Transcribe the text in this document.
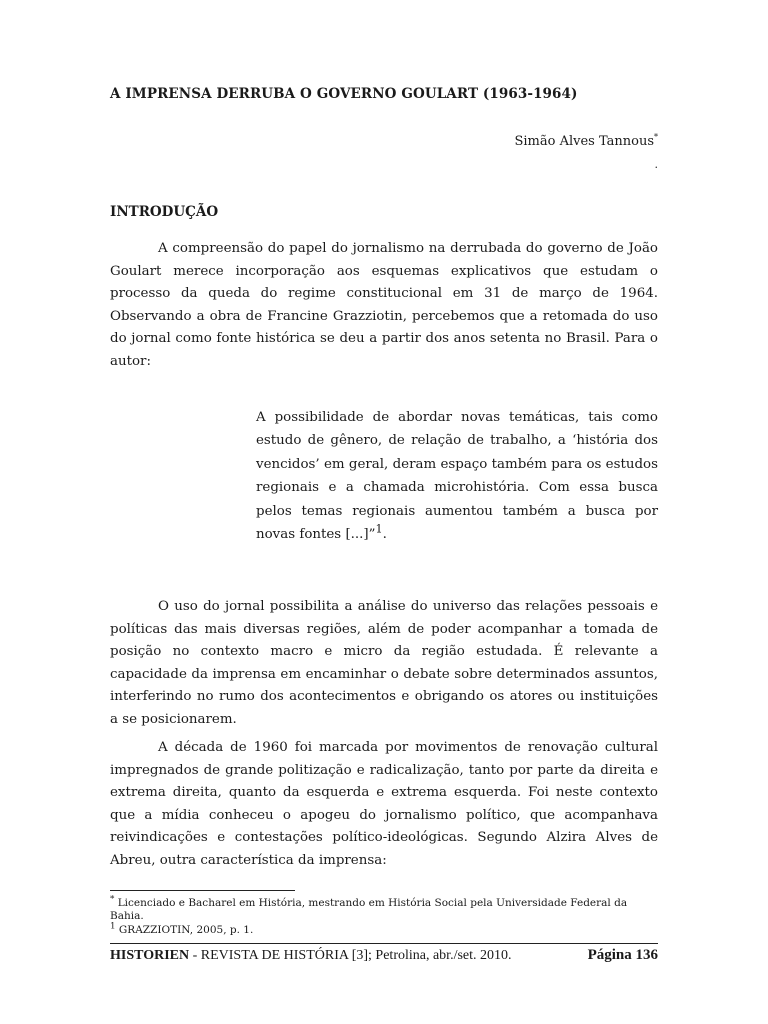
A IMPRENSA DERRUBA O GOVERNO GOULART (1963-1964)
Simão Alves Tannous*
.
INTRODUÇÃO

A compreensão do papel do jornalismo na derrubada do governo de João Goulart merece incorporação aos esquemas explicativos que estudam o processo da queda do regime constitucional em 31 de março de 1964. Observando a obra de Francine Grazziotin, percebemos que a retomada do uso do jornal como fonte histórica se deu a partir dos anos setenta no Brasil. Para o autor:

A possibilidade de abordar novas temáticas, tais como estudo de gênero, de relação de trabalho, a ‘história dos vencidos’ em geral, deram espaço também para os estudos regionais e a chamada microhistória. Com essa busca pelos temas regionais aumentou também a busca por novas fontes [...]”$^1$.

O uso do jornal possibilita a análise do universo das relações pessoais e políticas das mais diversas regiões, além de poder acompanhar a tomada de posição no contexto macro e micro da região estudada. É relevante a capacidade da imprensa em encaminhar o debate sobre determinados assuntos, interferindo no rumo dos acontecimentos e obrigando os atores ou instituições a se posicionarem.

A década de 1960 foi marcada por movimentos de renovação cultural impregnados de grande politização e radicalização, tanto por parte da direita e extrema direita, quanto da esquerda e extrema esquerda. Foi neste contexto que a mídia conheceu o apogeu do jornalismo político, que acompanhava reivindicações e contestações político-ideológicas. Segundo Alzira Alves de Abreu, outra característica da imprensa:

* Licenciado e Bacharel em História, mestrando em História Social pela Universidade Federal da Bahia.

$^1$ GRAZZIOTIN, 2005, p. 1.

HISTORIEN - REVISTA DE HISTÓRIA [3]; Petrolina, abr./set. 2010.	Página 136
